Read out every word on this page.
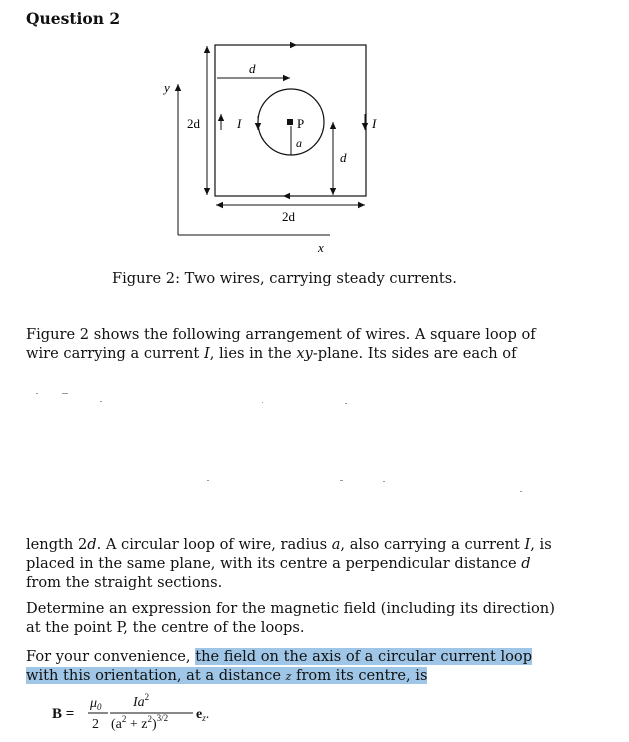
Question 2
y
x
d
2d	I	P
a
d
I
2d
Figure 2: Two wires, carrying steady currents.
Figure 2 shows the following arrangement of wires. A square loop of
wire carrying a current I, lies in the xy-plane. Its sides are each of
length 2d. A circular loop of wire, radius a, also carrying a current I, is
placed in the same plane, with its centre a perpendicular distance d
from the straight sections.
Determine an expression for the magnetic field (including its direction)
at the point P, the centre of the loops.
For your convenience, the field on the axis of a circular current loop
with this orientation, at a distance z from its centre, is
B =
$\mu_0$
2
Ia$^2$
$(a^2 + z^2)^{3/2}$ $e_z$.
